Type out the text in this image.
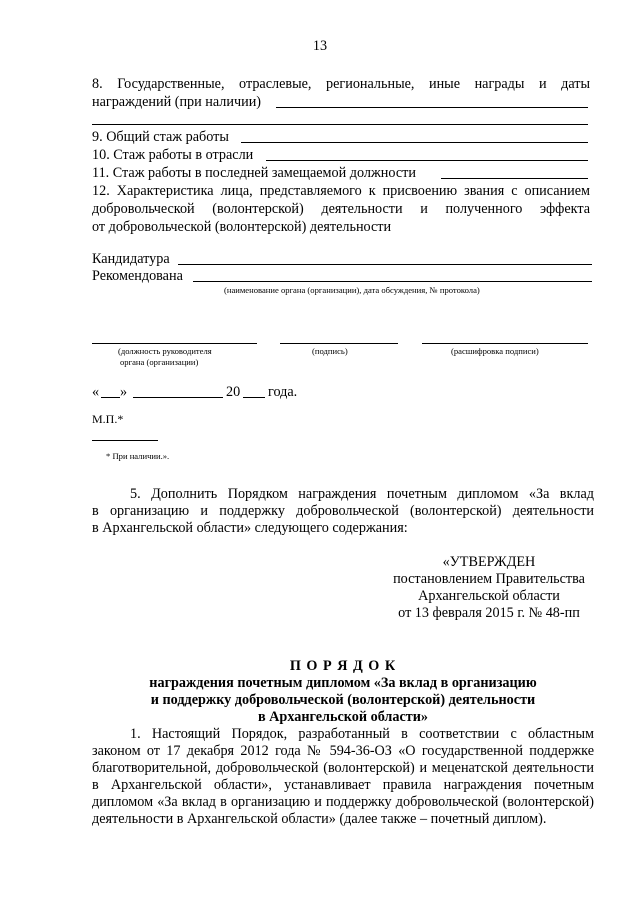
13
8. Государственные, отраслевые, региональные, иные награды и даты
награждений (при наличии)
9. Общий стаж работы
10. Стаж работы в отрасли
11. Стаж работы в последней замещаемой должности
12. Характеристика лица, представляемого к присвоению звания с описанием
добровольческой (волонтерской) деятельности и полученного эффекта
от добровольческой (волонтерской) деятельности
Кандидатура
Рекомендована
(наименование органа (организации), дата обсуждения, № протокола)
(должность руководителя
органа (организации)
(подпись)	(расшифровка подписи)
« »	20 года.
М.П.*
* При наличии.».
5. Дополнить Порядком награждения почетным дипломом «За вклад
в организацию и поддержку добровольческой (волонтерской) деятельности
в Архангельской области» следующего содержания:
«УТВЕРЖДЕН
постановлением Правительства
Архангельской области
от 13 февраля 2015 г. № 48-пп
П О Р Я Д О К
награждения почетным дипломом «За вклад в организацию
и поддержку добровольческой (волонтерской) деятельности
в Архангельской области»
1. Настоящий Порядок, разработанный в соответствии с областным
законом от 17 декабря 2012 года № 594-36-ОЗ «О государственной поддержке
благотворительной, добровольческой (волонтерской) и меценатской деятельности
в Архангельской области», устанавливает правила награждения почетным
дипломом «За вклад в организацию и поддержку добровольческой (волонтерской)
деятельности в Архангельской области» (далее также – почетный диплом).
